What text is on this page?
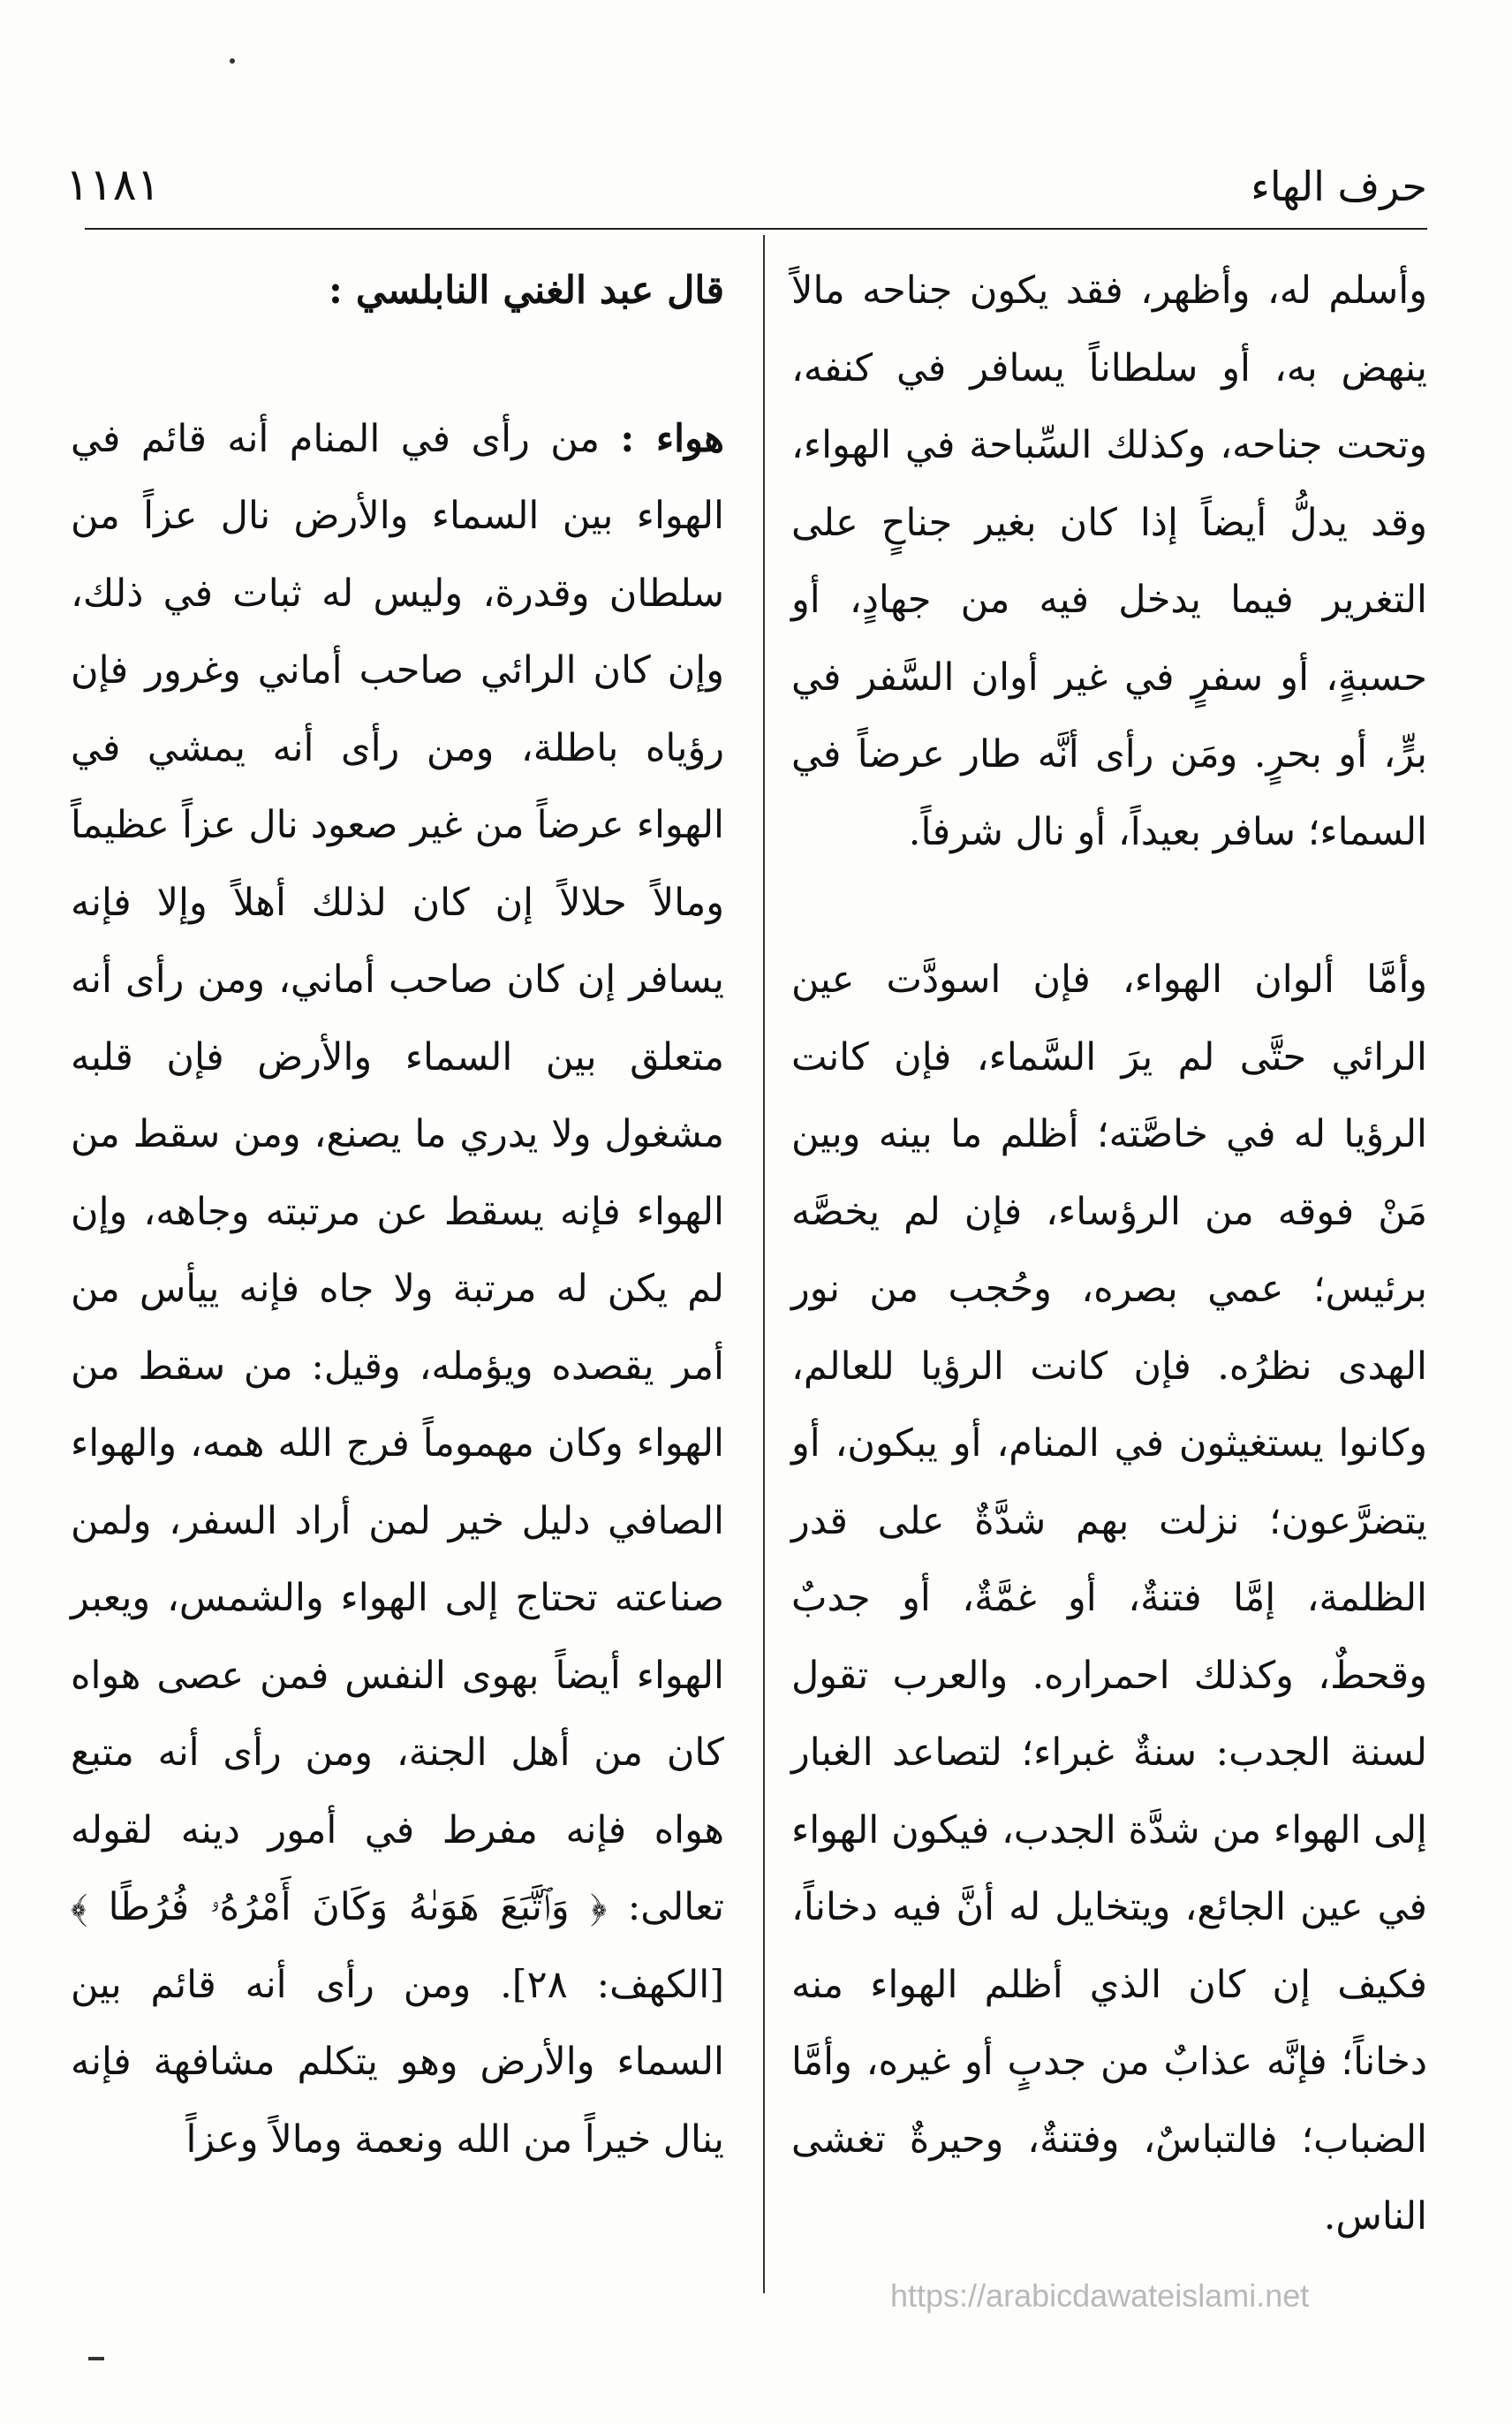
حرف الهاء
١١٨١

وأسلم له، وأظهر، فقد يكون جناحه مالاً ينهض به، أو سلطاناً يسافر في كنفه، وتحت جناحه، وكذلك السِّباحة في الهواء، وقد يدلُّ أيضاً إذا كان بغير جناحٍ على التغرير فيما يدخل فيه من جهادٍ، أو حسبةٍ، أو سفرٍ في غير أوان السَّفر في برٍّ، أو بحرٍ. ومَن رأى أنَّه طار عرضاً في السماء؛ سافر بعيداً، أو نال شرفاً.

وأمَّا ألوان الهواء، فإن اسودَّت عين الرائي حتَّى لم يرَ السَّماء، فإن كانت الرؤيا له في خاصَّته؛ أظلم ما بينه وبين مَنْ فوقه من الرؤساء، فإن لم يخصَّه برئيس؛ عمي بصره، وحُجب من نور الهدى نظرُه. فإن كانت الرؤيا للعالم، وكانوا يستغيثون في المنام، أو يبكون، أو يتضرَّعون؛ نزلت بهم شدَّةٌ على قدر الظلمة، إمَّا فتنةٌ، أو غمَّةٌ، أو جدبٌ وقحطٌ، وكذلك احمراره. والعرب تقول لسنة الجدب: سنةٌ غبراء؛ لتصاعد الغبار إلى الهواء من شدَّة الجدب، فيكون الهواء في عين الجائع، ويتخايل له أنَّ فيه دخاناً، فكيف إن كان الذي أظلم الهواء منه دخاناً؛ فإنَّه عذابٌ من جدبٍ أو غيره، وأمَّا الضباب؛ فالتباسٌ، وفتنةٌ، وحيرةٌ تغشى الناس.

قال عبد الغني النابلسي :

هواء : من رأى في المنام أنه قائم في الهواء بين السماء والأرض نال عزاً من سلطان وقدرة، وليس له ثبات في ذلك، وإن كان الرائي صاحب أماني وغرور فإن رؤياه باطلة، ومن رأى أنه يمشي في الهواء عرضاً من غير صعود نال عزاً عظيماً ومالاً حلالاً إن كان لذلك أهلاً وإلا فإنه يسافر إن كان صاحب أماني، ومن رأى أنه متعلق بين السماء والأرض فإن قلبه مشغول ولا يدري ما يصنع، ومن سقط من الهواء فإنه يسقط عن مرتبته وجاهه، وإن لم يكن له مرتبة ولا جاه فإنه ييأس من أمر يقصده ويؤمله، وقيل: من سقط من الهواء وكان مهموماً فرج الله همه، والهواء الصافي دليل خير لمن أراد السفر، ولمن صناعته تحتاج إلى الهواء والشمس، ويعبر الهواء أيضاً بهوى النفس فمن عصى هواه كان من أهل الجنة، ومن رأى أنه متبع هواه فإنه مفرط في أمور دينه لقوله تعالى: ﴿ وَٱتَّبَعَ هَوَىٰهُ وَكَانَ أَمْرُهُۥ فُرُطًا ﴾ [الكهف: ٢٨]. ومن رأى أنه قائم بين السماء والأرض وهو يتكلم مشافهة فإنه ينال خيراً من الله ونعمة ومالاً وعزاً

https://arabicdawateislami.net
